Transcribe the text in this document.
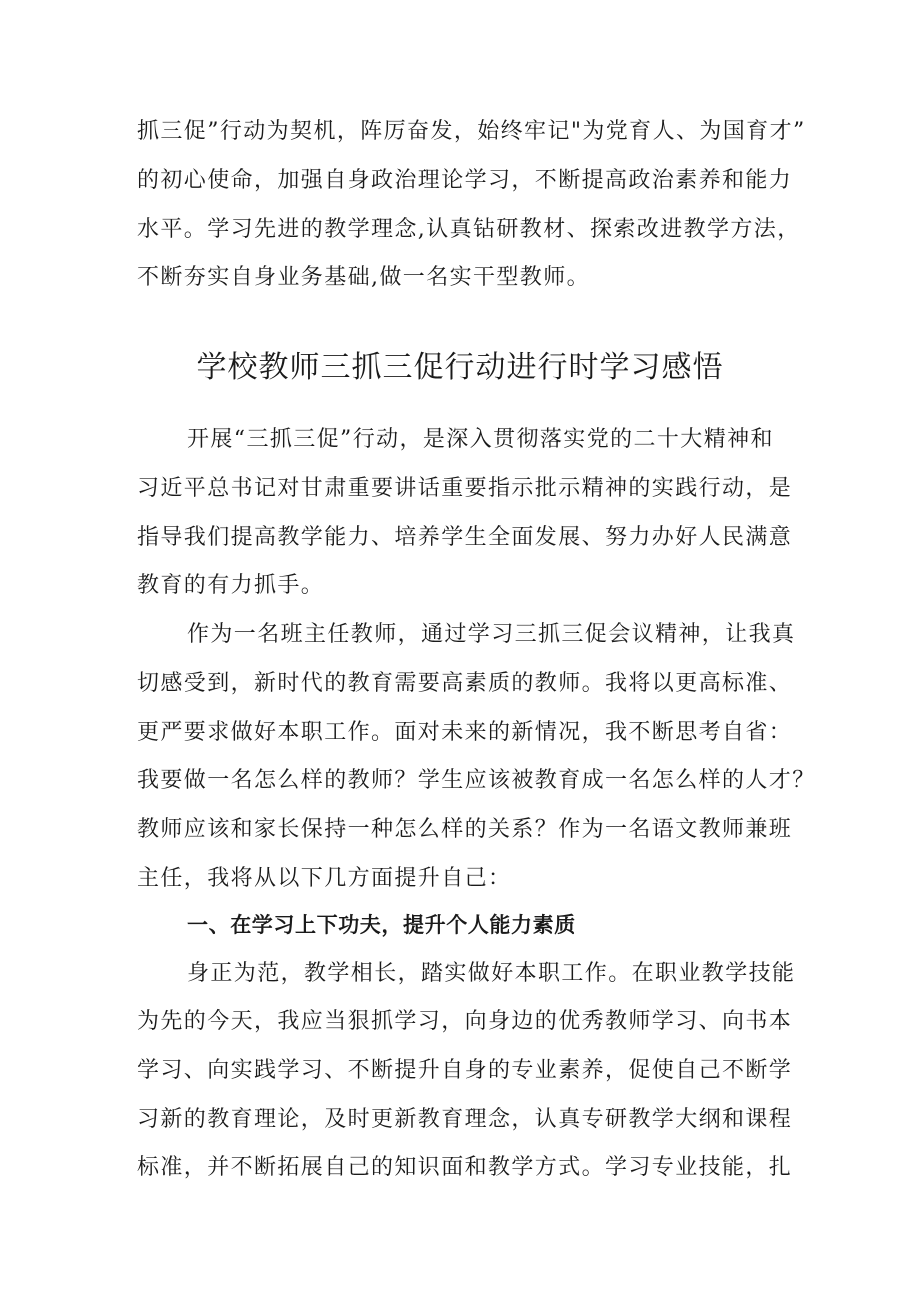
抓三促”行动为契机，阵厉奋发，始终牢记"为党育人、为国育才”
的初心使命，加强自身政治理论学习，不断提高政治素养和能力
水平。学习先进的教学理念,认真钻研教材、探索改进教学方法，
不断夯实自身业务基础,做一名实干型教师。
学校教师三抓三促行动进行时学习感悟
开展“三抓三促”行动，是深入贯彻落实党的二十大精神和
习近平总书记对甘肃重要讲话重要指示批示精神的实践行动，是
指导我们提高教学能力、培养学生全面发展、努力办好人民满意
教育的有力抓手。
作为一名班主任教师，通过学习三抓三促会议精神，让我真
切感受到，新时代的教育需要高素质的教师。我将以更高标准、
更严要求做好本职工作。面对未来的新情况，我不断思考自省：
我要做一名怎么样的教师？学生应该被教育成一名怎么样的人才？
教师应该和家长保持一种怎么样的关系？作为一名语文教师兼班
主任，我将从以下几方面提升自己：
一、在学习上下功夫，提升个人能力素质
身正为范，教学相长，踏实做好本职工作。在职业教学技能
为先的今天，我应当狠抓学习，向身边的优秀教师学习、向书本
学习、向实践学习、不断提升自身的专业素养，促使自己不断学
习新的教育理论，及时更新教育理念，认真专研教学大纲和课程
标准，并不断拓展自己的知识面和教学方式。学习专业技能，扎
